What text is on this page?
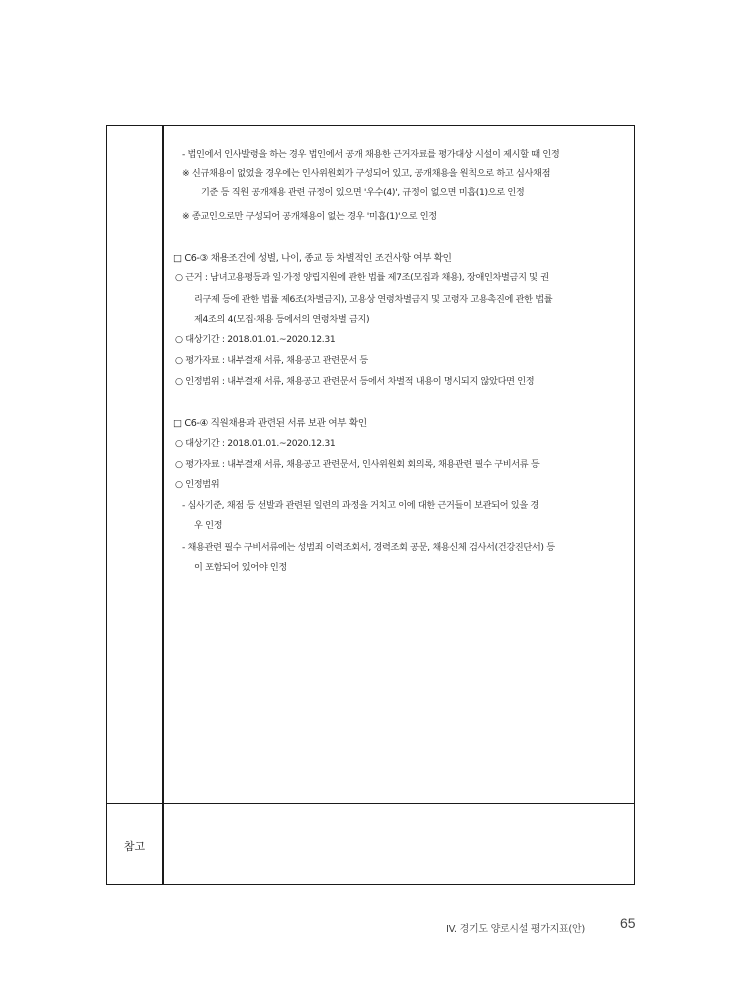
- 법인에서 인사발령을 하는 경우 법인에서 공개 채용한 근거자료를 평가대상 시설이 제시할 때 인정
※ 신규채용이 없었을 경우에는 인사위원회가 구성되어 있고, 공개채용을 원칙으로 하고 심사채점
기준 등 직원 공개채용 관련 규정이 있으면 '우수(4)', 규정이 없으면 미흡(1)으로 인정
※ 종교인으로만 구성되어 공개채용이 없는 경우 '미흡(1)'으로 인정
□ C6-③ 채용조건에 성별, 나이, 종교 등 차별적인 조건사항 여부 확인
○ 근거 : 남녀고용평등과 일·가정 양립지원에 관한 법률 제7조(모집과 채용), 장애인차별금지 및 권
리구제 등에 관한 법률 제6조(차별금지), 고용상 연령차별금지 및 고령자 고용촉진에 관한 법률
제4조의 4(모집·채용 등에서의 연령차별 금지)
○ 대상기간 : 2018.01.01.~2020.12.31
○ 평가자료 : 내부결재 서류, 채용공고 관련문서 등
○ 인정범위 : 내부결재 서류, 채용공고 관련문서 등에서 차별적 내용이 명시되지 않았다면 인정
□ C6-④ 직원채용과 관련된 서류 보관 여부 확인
○ 대상기간 : 2018.01.01.~2020.12.31
○ 평가자료 : 내부결재 서류, 채용공고 관련문서, 인사위원회 회의록, 채용관련 필수 구비서류 등
○ 인정범위
- 심사기준, 채점 등 선발과 관련된 일련의 과정을 거치고 이에 대한 근거들이 보관되어 있을 경
우 인정
- 채용관련 필수 구비서류에는 성범죄 이력조회서, 경력조회 공문, 채용신체 검사서(건강진단서) 등
이 포함되어 있어야 인정
참고
IV. 경기도 양로시설 평가지표(안)	65
